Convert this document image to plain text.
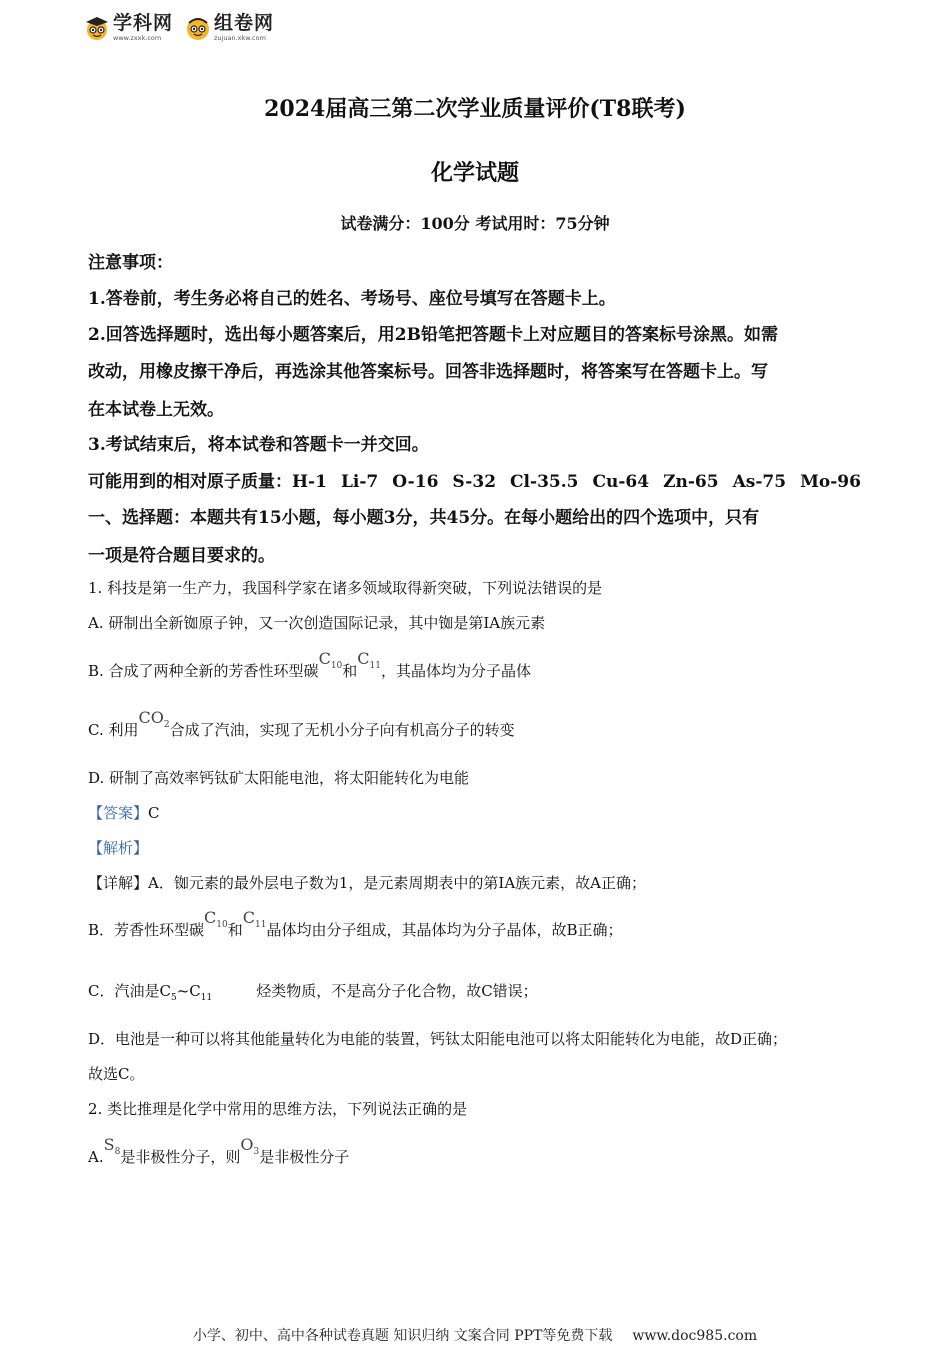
学科网
www.zxxk.com
组卷网
zujuan.xkw.com
2024届高三第二次学业质量评价(T8联考)
化学试题
试卷满分：100分 考试用时：75分钟
注意事项：
1.答卷前，考生务必将自己的姓名、考场号、座位号填写在答题卡上。
2.回答选择题时，选出每小题答案后，用2B铅笔把答题卡上对应题目的答案标号涂黑。如需
改动，用橡皮擦干净后，再选涂其他答案标号。回答非选择题时，将答案写在答题卡上。写
在本试卷上无效。
3.考试结束后，将本试卷和答题卡一并交回。
可能用到的相对原子质量：H-1 Li-7 O-16 S-32 Cl-35.5 Cu-64 Zn-65 As-75 Mo-96
一、选择题：本题共有15小题，每小题3分，共45分。在每小题给出的四个选项中，只有
一项是符合题目要求的。
1. 科技是第一生产力，我国科学家在诸多领域取得新突破，下列说法错误的是
A. 研制出全新铷原子钟，又一次创造国际记录，其中铷是第IA族元素
B. 合成了两种全新的芳香性环型碳$C_{10}$和$C_{11}$，其晶体均为分子晶体
C. 利用$CO_2$合成了汽油，实现了无机小分子向有机高分子的转变
D. 研制了高效率钙钛矿太阳能电池，将太阳能转化为电能
【答案】C
【解析】
【详解】A．铷元素的最外层电子数为1，是元素周期表中的第IA族元素，故A正确；
B．芳香性环型碳$C_{10}$和$C_{11}$晶体均由分子组成，其晶体均为分子晶体，故B正确；
C．汽油是$C_5\sim C_{11}$	烃类物质，不是高分子化合物，故C错误；
D．电池是一种可以将其他能量转化为电能的装置，钙钛太阳能电池可以将太阳能转化为电能，故D正确；
故选C。
2. 类比推理是化学中常用的思维方法，下列说法正确的是
$A.S_8$是非极性分子，则$O_3$是非极性分子
小学、初中、高中各种试卷真题 知识归纳 文案合同 PPT等免费下载 www.doc985.com
